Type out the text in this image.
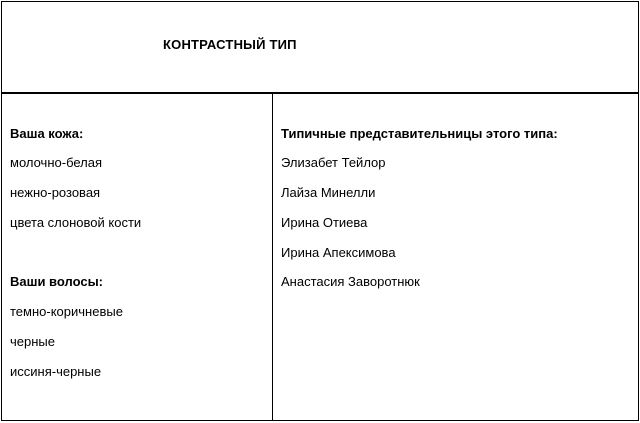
КОНТРАСТНЫЙ ТИП
Ваша кожа:
молочно-белая
нежно-розовая
цвета слоновой кости
Ваши волосы:
темно-коричневые
черные
иссиня-черные
Типичные представительницы этого типа:
Элизабет Тейлор
Лайза Минелли
Ирина Отиева
Ирина Апексимова
Анастасия Заворотнюк
